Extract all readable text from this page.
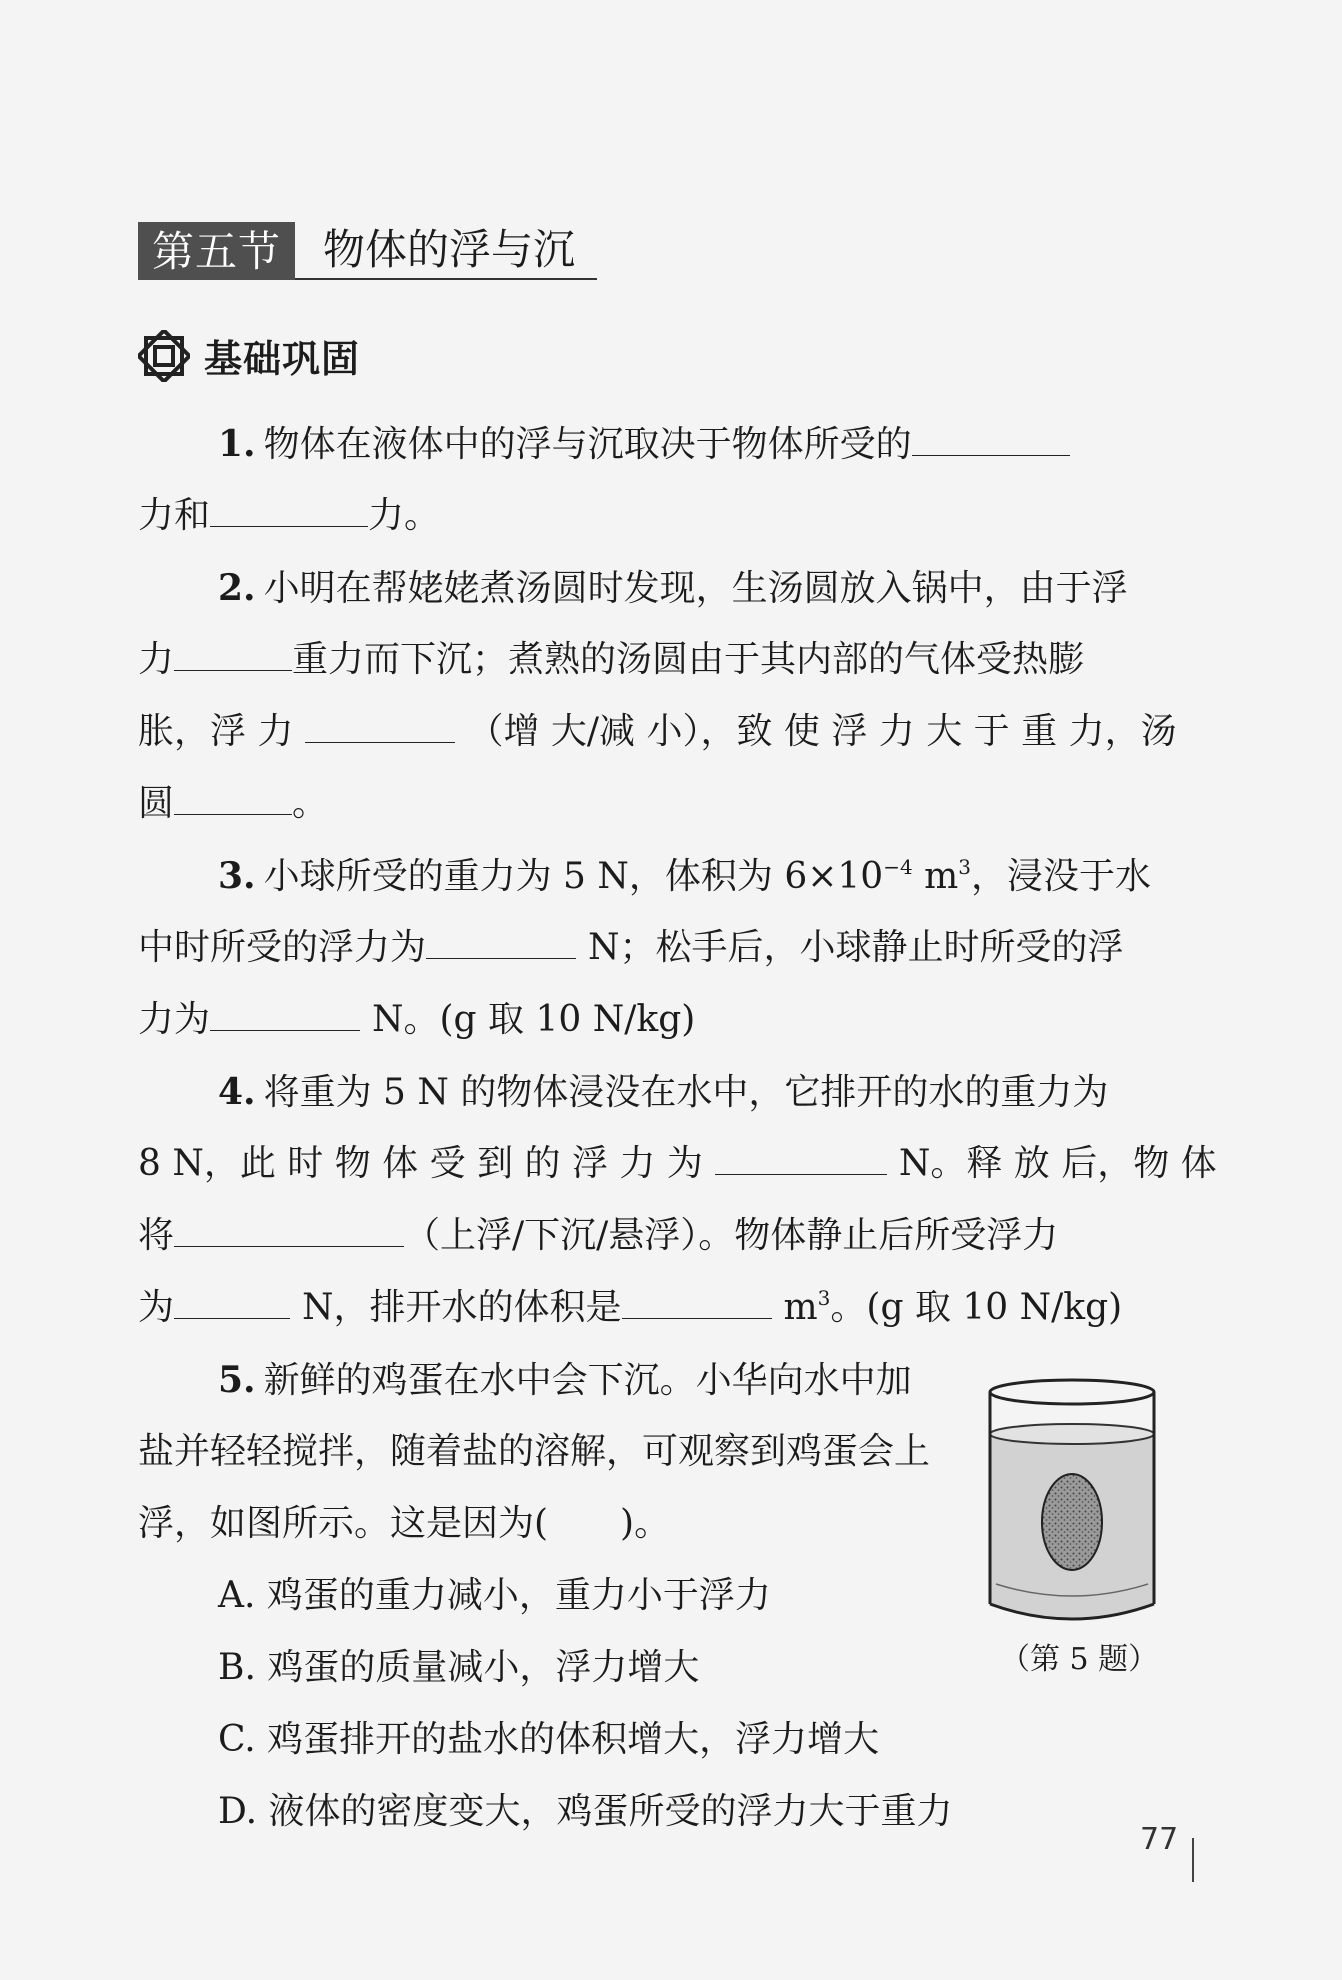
第五节	物体的浮与沉
基础巩固
1. 物体在液体中的浮与沉取决于物体所受的
力和	力。
2. 小明在帮姥姥煮汤圆时发现，生汤圆放入锅中，由于浮
力	重力而下沉；煮熟的汤圆由于其内部的气体受热膨
胀，浮 力	（增 大/减 小），致 使 浮 力 大 于 重 力，汤
圆	。
3. 小球所受的重力为 5 N，体积为 $6\times 10^{-4}$ $m^3$，浸没于水
中时所受的浮力为	N；松手后，小球静止时所受的浮
力为	N。(g 取 10 N/kg)
4. 将重为 5 N 的物体浸没在水中，它排开的水的重力为
8 N，此 时 物 体 受 到 的 浮 力 为	N。释 放 后，物 体
将	（上浮/下沉/悬浮）。物体静止后所受浮力
为	N，排开水的体积是	$m^3$。(g 取 10 N/kg)
5. 新鲜的鸡蛋在水中会下沉。小华向水中加
盐并轻轻搅拌，随着盐的溶解，可观察到鸡蛋会上
浮，如图所示。这是因为(　　)。
A. 鸡蛋的重力减小，重力小于浮力
B. 鸡蛋的质量减小，浮力增大
C. 鸡蛋排开的盐水的体积增大，浮力增大
D. 液体的密度变大，鸡蛋所受的浮力大于重力
（第 5 题）
77
